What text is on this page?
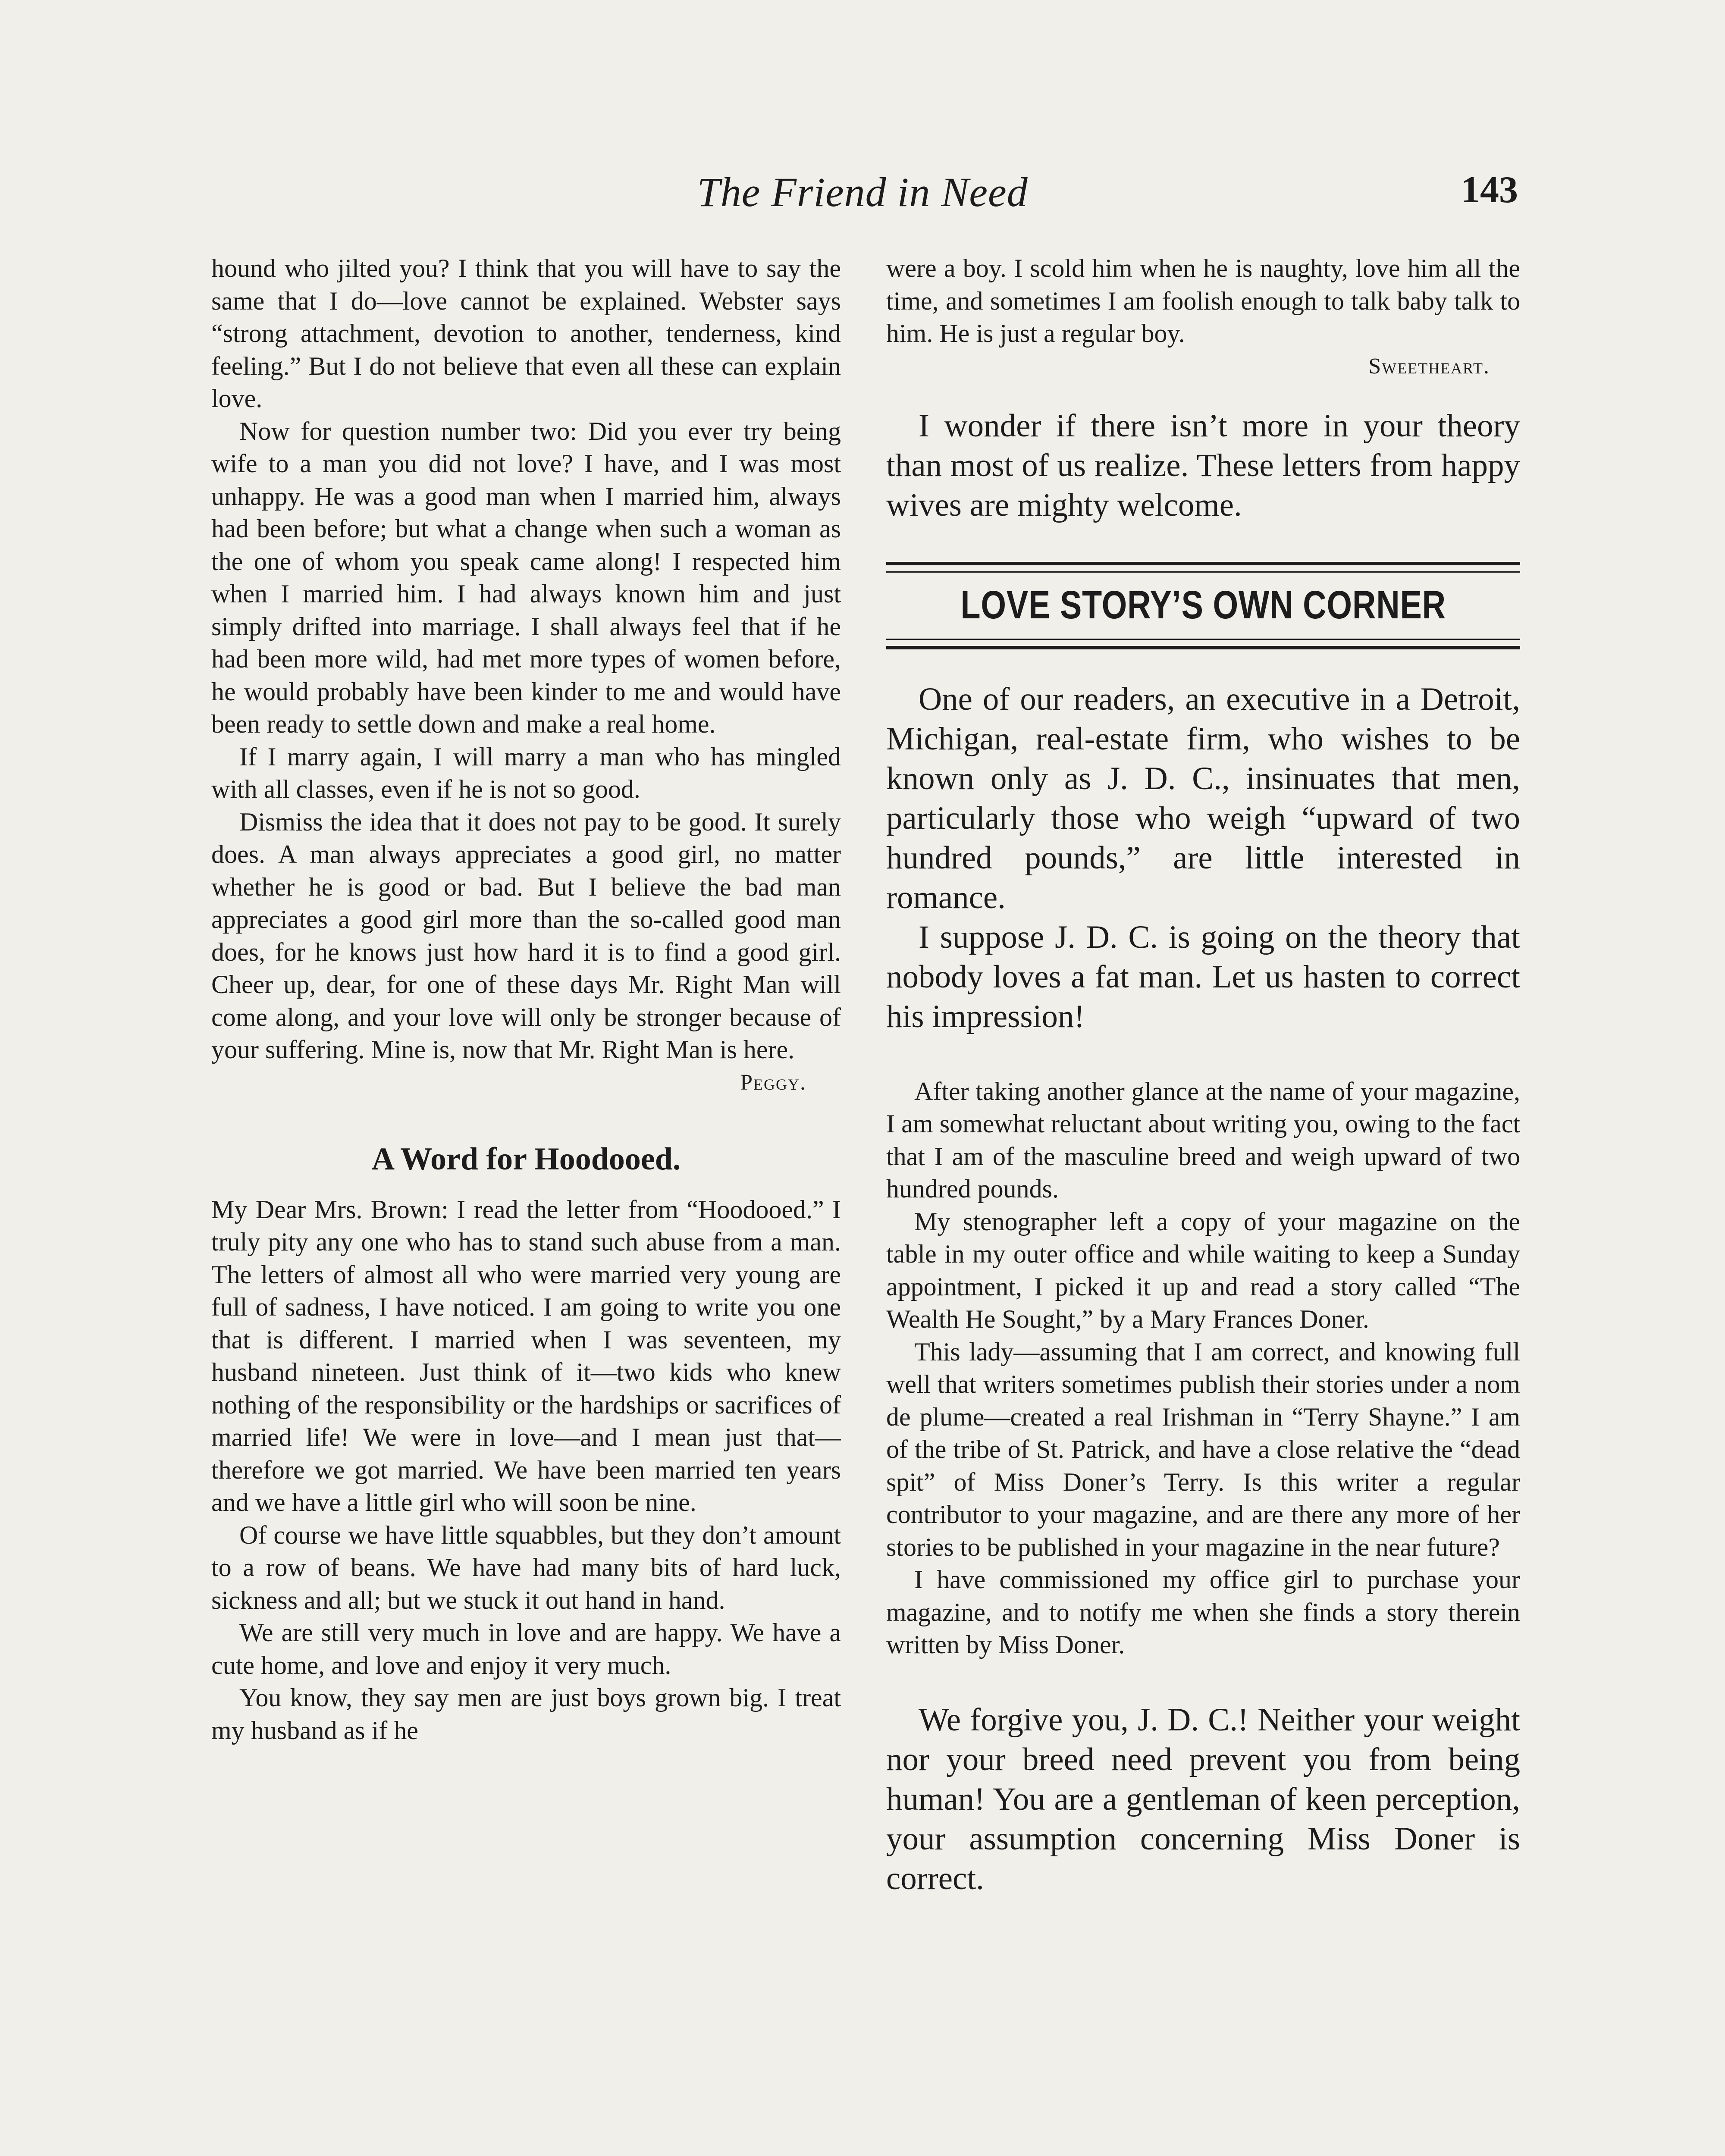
The Friend in Need	143

hound who jilted you? I think that you will have to say the same that I do—love cannot be explained. Webster says “strong attachment, devotion to another, tenderness, kind feeling.” But I do not believe that even all these can explain love.

Now for question number two: Did you ever try being wife to a man you did not love? I have, and I was most unhappy. He was a good man when I married him, always had been before; but what a change when such a woman as the one of whom you speak came along! I respected him when I married him. I had always known him and just simply drifted into marriage. I shall always feel that if he had been more wild, had met more types of women before, he would probably have been kinder to me and would have been ready to settle down and make a real home.

If I marry again, I will marry a man who has mingled with all classes, even if he is not so good.

Dismiss the idea that it does not pay to be good. It surely does. A man always appreciates a good girl, no matter whether he is good or bad. But I believe the bad man appreciates a good girl more than the so-called good man does, for he knows just how hard it is to find a good girl. Cheer up, dear, for one of these days Mr. Right Man will come along, and your love will only be stronger because of your suffering. Mine is, now that Mr. Right Man is here.

Peggy.
A Word for Hoodooed.

My Dear Mrs. Brown: I read the letter from “Hoodooed.” I truly pity any one who has to stand such abuse from a man. The letters of almost all who were married very young are full of sadness, I have noticed. I am going to write you one that is different. I married when I was seventeen, my husband nineteen. Just think of it—two kids who knew nothing of the responsibility or the hardships or sacrifices of married life! We were in love—and I mean just that—therefore we got married. We have been married ten years and we have a little girl who will soon be nine.

Of course we have little squabbles, but they don’t amount to a row of beans. We have had many bits of hard luck, sickness and all; but we stuck it out hand in hand.

We are still very much in love and are happy. We have a cute home, and love and enjoy it very much.

You know, they say men are just boys grown big. I treat my husband as if he

were a boy. I scold him when he is naughty, love him all the time, and sometimes I am foolish enough to talk baby talk to him. He is just a regular boy.

Sweetheart.

I wonder if there isn’t more in your theory than most of us realize. These letters from happy wives are mighty welcome.

LOVE STORY’S OWN CORNER

One of our readers, an executive in a Detroit, Michigan, real-estate firm, who wishes to be known only as J. D. C., insinuates that men, particularly those who weigh “upward of two hundred pounds,” are little interested in romance.

I suppose J. D. C. is going on the theory that nobody loves a fat man. Let us hasten to correct his impression!

After taking another glance at the name of your magazine, I am somewhat reluctant about writing you, owing to the fact that I am of the masculine breed and weigh upward of two hundred pounds.

My stenographer left a copy of your magazine on the table in my outer office and while waiting to keep a Sunday appointment, I picked it up and read a story called “The Wealth He Sought,” by a Mary Frances Doner.

This lady—assuming that I am correct, and knowing full well that writers sometimes publish their stories under a nom de plume—created a real Irishman in “Terry Shayne.” I am of the tribe of St. Patrick, and have a close relative the “dead spit” of Miss Doner’s Terry. Is this writer a regular contributor to your magazine, and are there any more of her stories to be published in your magazine in the near future?

I have commissioned my office girl to purchase your magazine, and to notify me when she finds a story therein written by Miss Doner.

We forgive you, J. D. C.! Neither your weight nor your breed need prevent you from being human! You are a gentleman of keen perception, your assumption concerning Miss Doner is correct.
